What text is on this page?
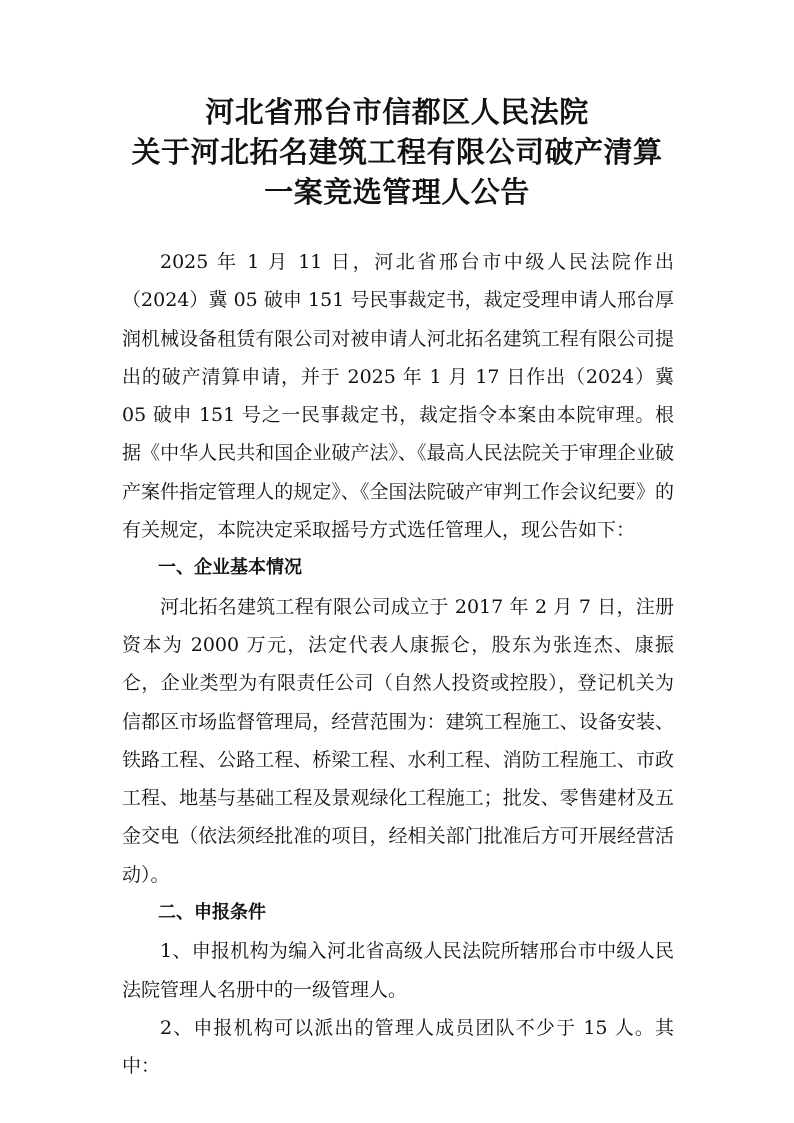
河北省邢台市信都区人民法院
关于河北拓名建筑工程有限公司破产清算
一案竞选管理人公告

2025 年 1 月 11 日，河北省邢台市中级人民法院作出（2024）冀 05 破申 151 号民事裁定书，裁定受理申请人邢台厚润机械设备租赁有限公司对被申请人河北拓名建筑工程有限公司提出的破产清算申请，并于 2025 年 1 月 17 日作出（2024）冀 05 破申 151 号之一民事裁定书，裁定指令本案由本院审理。根据《中华人民共和国企业破产法》、《最高人民法院关于审理企业破产案件指定管理人的规定》、《全国法院破产审判工作会议纪要》的有关规定，本院决定采取摇号方式选任管理人，现公告如下：

一、企业基本情况

河北拓名建筑工程有限公司成立于 2017 年 2 月 7 日，注册资本为 2000 万元，法定代表人康振仑，股东为张连杰、康振仑，企业类型为有限责任公司（自然人投资或控股），登记机关为信都区市场监督管理局，经营范围为：建筑工程施工、设备安装、铁路工程、公路工程、桥梁工程、水利工程、消防工程施工、市政工程、地基与基础工程及景观绿化工程施工；批发、零售建材及五金交电（依法须经批准的项目，经相关部门批准后方可开展经营活动）。

二、申报条件

1、申报机构为编入河北省高级人民法院所辖邢台市中级人民法院管理人名册中的一级管理人。

2、申报机构可以派出的管理人成员团队不少于 15 人。其中：
